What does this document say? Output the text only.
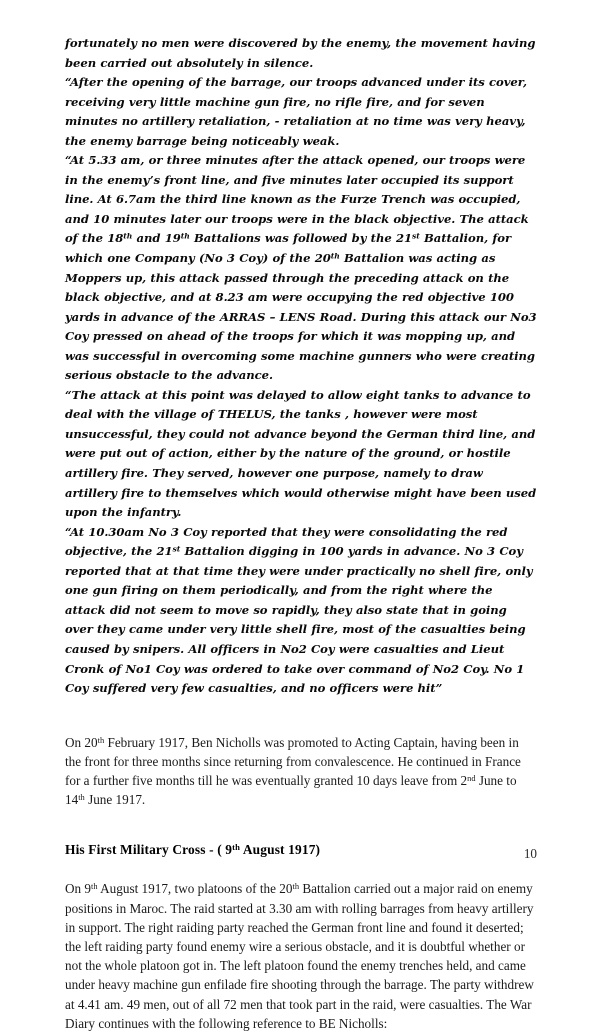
fortunately no men were discovered by the enemy, the movement having been carried out absolutely in silence.

“After the opening of the barrage, our troops advanced under its cover, receiving very little machine gun fire, no rifle fire, and for seven minutes no artillery retaliation, - retaliation at no time was very heavy, the enemy barrage being noticeably weak.

“At 5.33 am, or three minutes after the attack opened, our troops were in the enemy’s front line, and five minutes later occupied its support line. At 6.7am the third line known as the Furze Trench was occupied, and 10 minutes later our troops were in the black objective. The attack of the 18th and 19th Battalions was followed by the 21st Battalion, for which one Company (No 3 Coy) of the 20th Battalion was acting as Moppers up, this attack passed through the preceding attack on the black objective, and at 8.23 am were occupying the red objective 100 yards in advance of the ARRAS – LENS Road. During this attack our No3 Coy pressed on ahead of the troops for which it was mopping up, and was successful in overcoming some machine gunners who were creating serious obstacle to the advance.

“The attack at this point was delayed to allow eight tanks to advance to deal with the village of THELUS, the tanks , however were most unsuccessful, they could not advance beyond the German third line, and were put out of action, either by the nature of the ground, or hostile artillery fire. They served, however one purpose, namely to draw artillery fire to themselves which would otherwise might have been used upon the infantry.

“At 10.30am No 3 Coy reported that they were consolidating the red objective, the 21st Battalion digging in 100 yards in advance. No 3 Coy reported that at that time they were under practically no shell fire, only one gun firing on them periodically, and from the right where the attack did not seem to move so rapidly, they also state that in going over they came under very little shell fire, most of the casualties being caused by snipers. All officers in No2 Coy were casualties and Lieut Cronk of No1 Coy was ordered to take over command of No2 Coy. No 1 Coy suffered very few casualties, and no officers were hit”

On 20th February 1917, Ben Nicholls was promoted to Acting Captain, having been in the front for three months since returning from convalescence. He continued in France for a further five months till he was eventually granted 10 days leave from 2nd June to 14th June 1917.

His First Military Cross - ( 9th August 1917)

On 9th August 1917, two platoons of the 20th Battalion carried out a major raid on enemy positions in Maroc. The raid started at 3.30 am with rolling barrages from heavy artillery in support. The right raiding party reached the German front line and found it deserted; the left raiding party found enemy wire a serious obstacle, and it is doubtful whether or not the whole platoon got in. The left platoon found the enemy trenches held, and came under heavy machine gun enfilade fire shooting through the barrage. The party withdrew at 4.41 am. 49 men, out of all 72 men that took part in the raid, were casualties. The War Diary continues with the following reference to BE Nicholls:

10
